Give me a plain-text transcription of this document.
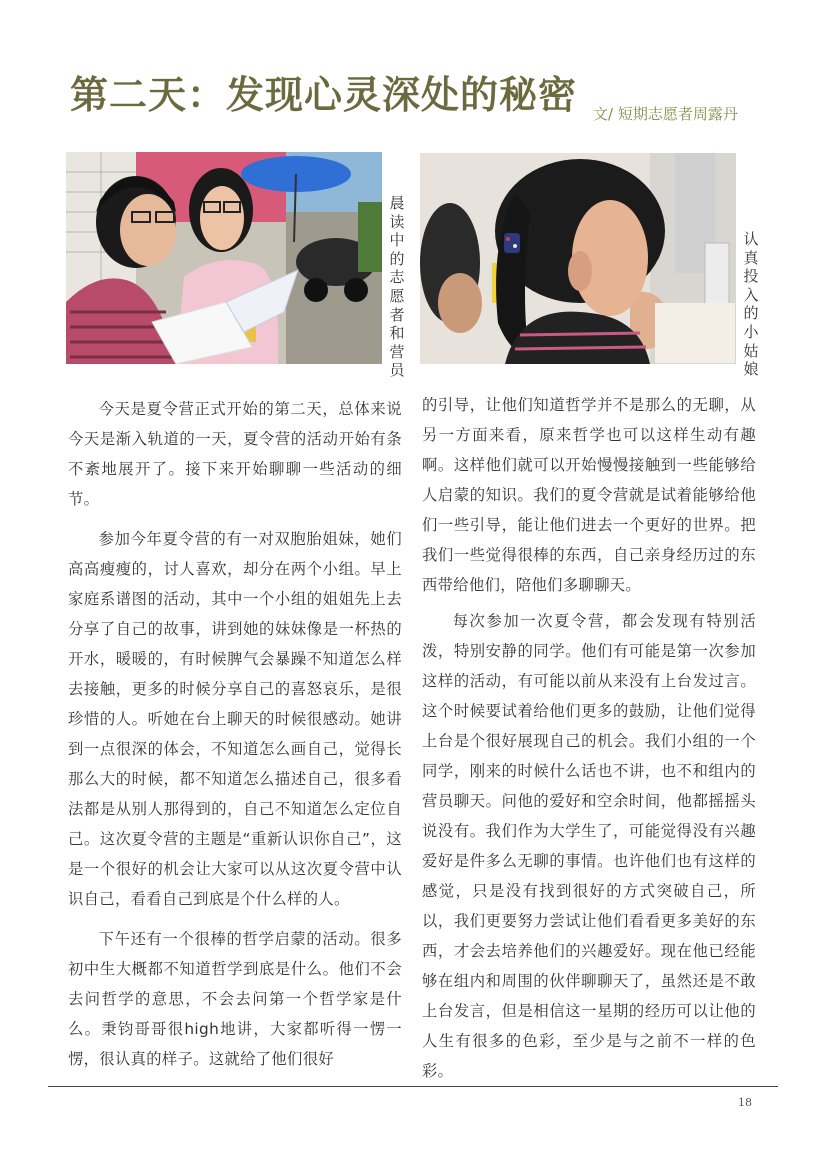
第二天：发现心灵深处的秘密 文/ 短期志愿者周露丹
晨读中的志愿者和营员
认真投入的小姑娘

今天是夏令营正式开始的第二天，总体来说今天是渐入轨道的一天，夏令营的活动开始有条不紊地展开了。接下来开始聊聊一些活动的细节。

参加今年夏令营的有一对双胞胎姐妹，她们高高瘦瘦的，讨人喜欢，却分在两个小组。早上家庭系谱图的活动，其中一个小组的姐姐先上去分享了自己的故事，讲到她的妹妹像是一杯热的开水，暖暖的，有时候脾气会暴躁不知道怎么样去接触，更多的时候分享自己的喜怒哀乐，是很珍惜的人。听她在台上聊天的时候很感动。她讲到一点很深的体会，不知道怎么画自己，觉得长那么大的时候，都不知道怎么描述自己，很多看法都是从别人那得到的，自己不知道怎么定位自己。这次夏令营的主题是“重新认识你自己”，这是一个很好的机会让大家可以从这次夏令营中认识自己，看看自己到底是个什么样的人。

下午还有一个很棒的哲学启蒙的活动。很多初中生大概都不知道哲学到底是什么。他们不会去问哲学的意思，不会去问第一个哲学家是什么。秉钧哥哥很high地讲，大家都听得一愣一愣，很认真的样子。这就给了他们很好

的引导，让他们知道哲学并不是那么的无聊，从另一方面来看，原来哲学也可以这样生动有趣啊。这样他们就可以开始慢慢接触到一些能够给人启蒙的知识。我们的夏令营就是试着能够给他们一些引导，能让他们进去一个更好的世界。把我们一些觉得很棒的东西，自己亲身经历过的东西带给他们，陪他们多聊聊天。

每次参加一次夏令营，都会发现有特别活泼，特别安静的同学。他们有可能是第一次参加这样的活动，有可能以前从来没有上台发过言。这个时候要试着给他们更多的鼓励，让他们觉得上台是个很好展现自己的机会。我们小组的一个同学，刚来的时候什么话也不讲，也不和组内的营员聊天。问他的爱好和空余时间，他都摇摇头说没有。我们作为大学生了，可能觉得没有兴趣爱好是件多么无聊的事情。也许他们也有这样的感觉，只是没有找到很好的方式突破自己，所以，我们更要努力尝试让他们看看更多美好的东西，才会去培养他们的兴趣爱好。现在他已经能够在组内和周围的伙伴聊聊天了，虽然还是不敢上台发言，但是相信这一星期的经历可以让他的人生有很多的色彩，至少是与之前不一样的色彩。

18
